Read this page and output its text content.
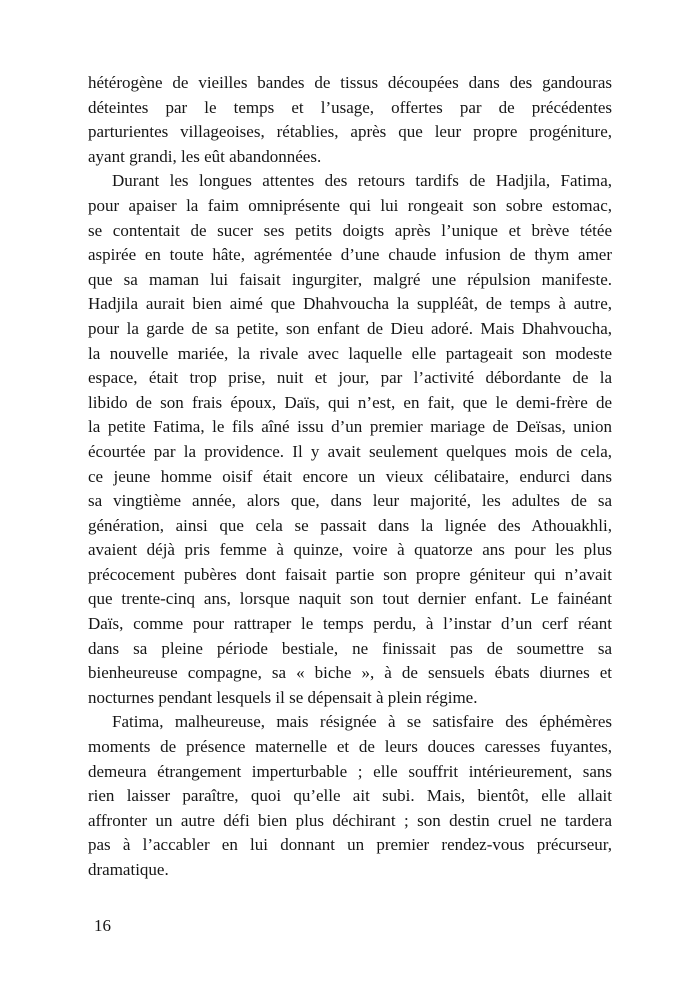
hétérogène de vieilles bandes de tissus découpées dans des gandouras
déteintes par le temps et l’usage, offertes par de précédentes
parturientes villageoises, rétablies, après que leur propre progéniture,
ayant grandi, les eût abandonnées.
Durant les longues attentes des retours tardifs de Hadjila, Fatima,
pour apaiser la faim omniprésente qui lui rongeait son sobre estomac,
se contentait de sucer ses petits doigts après l’unique et brève tétée
aspirée en toute hâte, agrémentée d’une chaude infusion de thym amer
que sa maman lui faisait ingurgiter, malgré une répulsion manifeste.
Hadjila aurait bien aimé que Dhahvoucha la suppléât, de temps à autre,
pour la garde de sa petite, son enfant de Dieu adoré. Mais Dhahvoucha,
la nouvelle mariée, la rivale avec laquelle elle partageait son modeste
espace, était trop prise, nuit et jour, par l’activité débordante de la
libido de son frais époux, Daïs, qui n’est, en fait, que le demi-frère de
la petite Fatima, le fils aîné issu d’un premier mariage de Deïsas, union
écourtée par la providence. Il y avait seulement quelques mois de cela,
ce jeune homme oisif était encore un vieux célibataire, endurci dans
sa vingtième année, alors que, dans leur majorité, les adultes de sa
génération, ainsi que cela se passait dans la lignée des Athouakhli,
avaient déjà pris femme à quinze, voire à quatorze ans pour les plus
précocement pubères dont faisait partie son propre géniteur qui n’avait
que trente-cinq ans, lorsque naquit son tout dernier enfant. Le fainéant
Daïs, comme pour rattraper le temps perdu, à l’instar d’un cerf réant
dans sa pleine période bestiale, ne finissait pas de soumettre sa
bienheureuse compagne, sa « biche », à de sensuels ébats diurnes et
nocturnes pendant lesquels il se dépensait à plein régime.
Fatima, malheureuse, mais résignée à se satisfaire des éphémères
moments de présence maternelle et de leurs douces caresses fuyantes,
demeura étrangement imperturbable ; elle souffrit intérieurement, sans
rien laisser paraître, quoi qu’elle ait subi. Mais, bientôt, elle allait
affronter un autre défi bien plus déchirant ; son destin cruel ne tardera
pas à l’accabler en lui donnant un premier rendez-vous précurseur,
dramatique.
16
